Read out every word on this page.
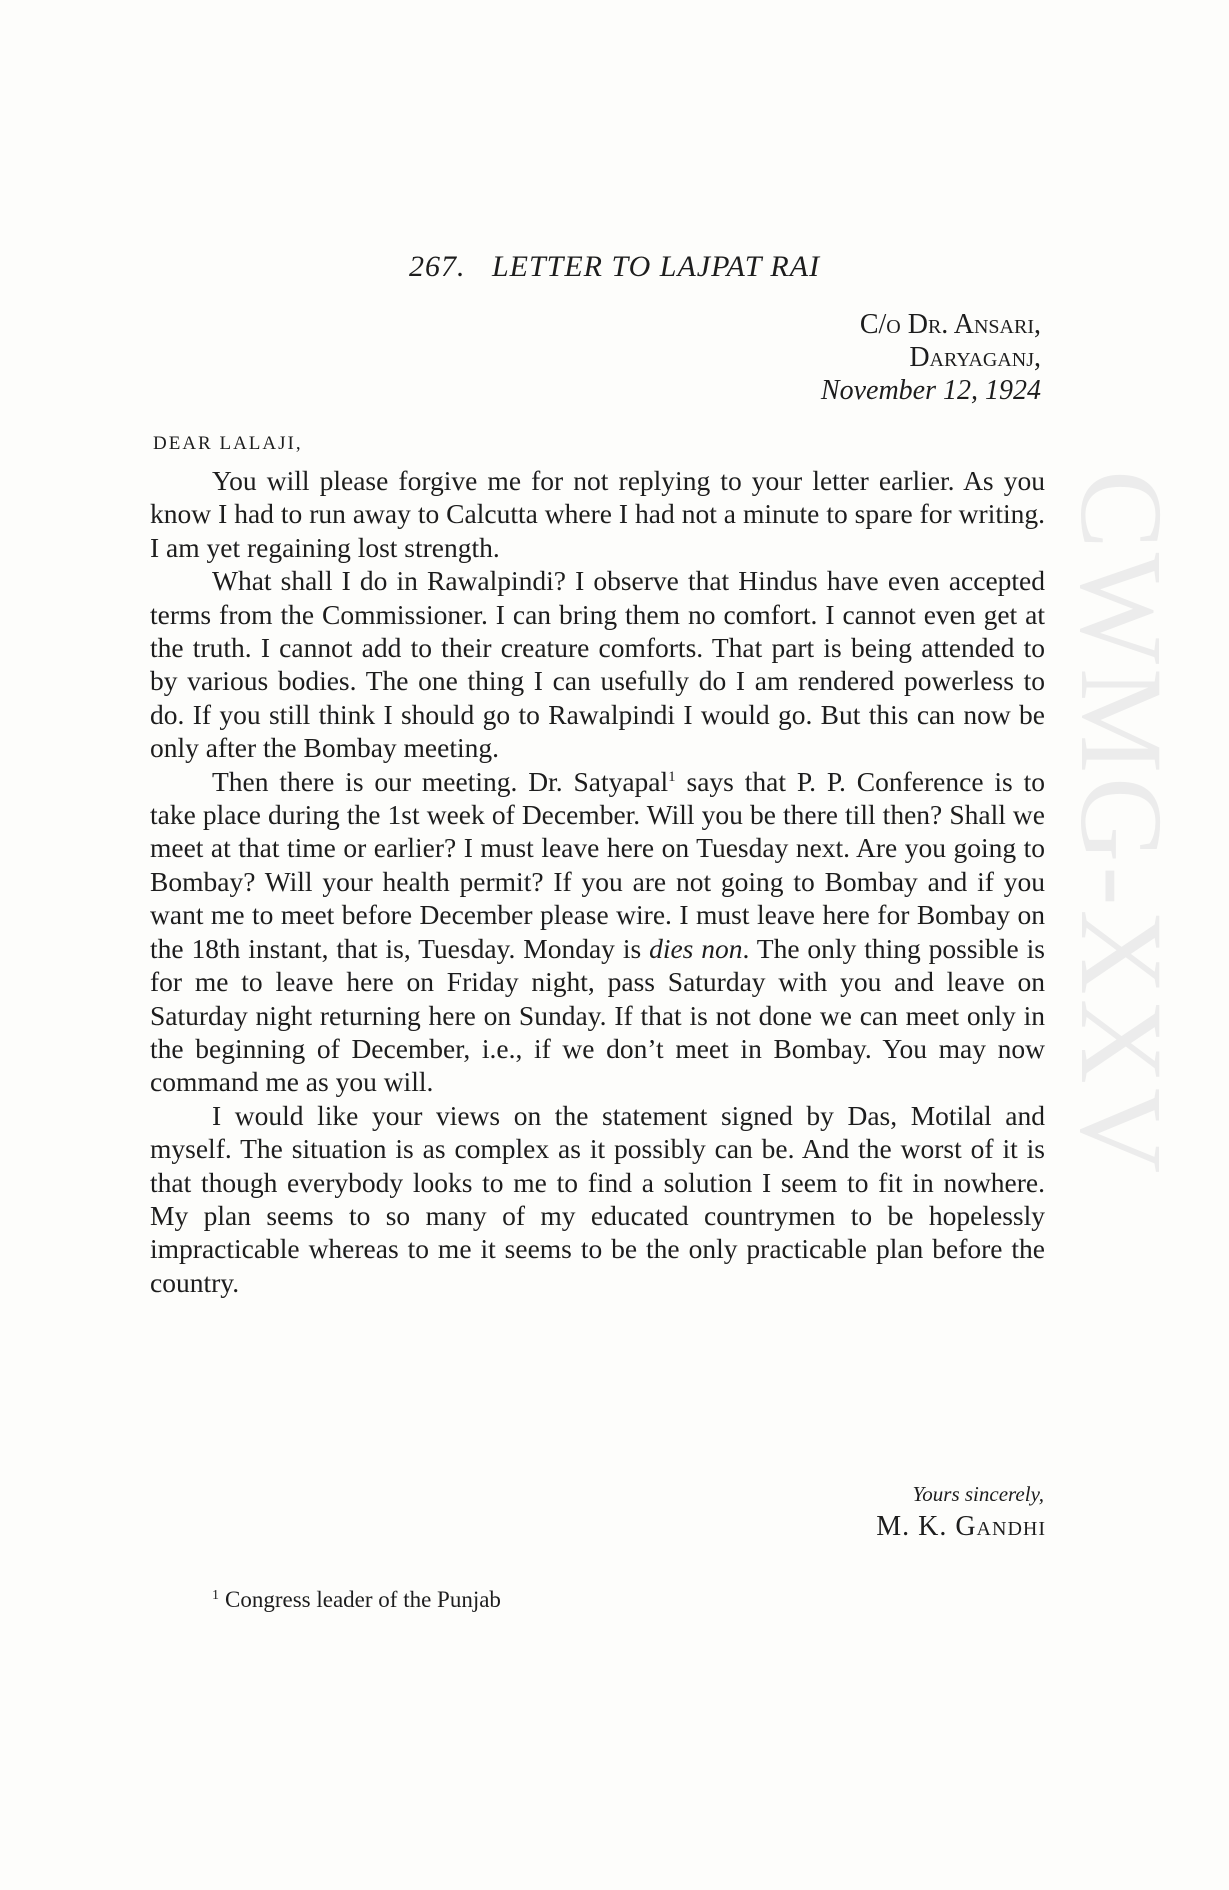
CWMG-XXV
267. LETTER TO LAJPAT RAI
C/o Dr. Ansari,
Daryaganj,
November 12, 1924
DEAR LALAJI,

You will please forgive me for not replying to your letter earlier. As you know I had to run away to Calcutta where I had not a minute to spare for writing. I am yet regaining lost strength.

What shall I do in Rawalpindi? I observe that Hindus have even accepted terms from the Commissioner. I can bring them no comfort. I cannot even get at the truth. I cannot add to their creature comforts. That part is being attended to by various bodies. The one thing I can usefully do I am rendered powerless to do. If you still think I should go to Rawalpindi I would go. But this can now be only after the Bombay meeting.

Then there is our meeting. Dr. Satyapal$^1$ says that P. P. Conference is to take place during the 1st week of December. Will you be there till then? Shall we meet at that time or earlier? I must leave here on Tuesday next. Are you going to Bombay? Will your health permit? If you are not going to Bombay and if you want me to meet before December please wire. I must leave here for Bombay on the 18th instant, that is, Tuesday. Monday is dies non. The only thing possible is for me to leave here on Friday night, pass Saturday with you and leave on Saturday night returning here on Sunday. If that is not done we can meet only in the beginning of December, i.e., if we don’t meet in Bombay. You may now command me as you will.

I would like your views on the statement signed by Das, Motilal and myself. The situation is as complex as it possibly can be. And the worst of it is that though everybody looks to me to find a solution I seem to fit in nowhere. My plan seems to so many of my educated countrymen to be hopelessly impracticable whereas to me it seems to be the only practicable plan before the country.

Yours sincerely,
M. K. Gandhi
$^1$ Congress leader of the Punjab
